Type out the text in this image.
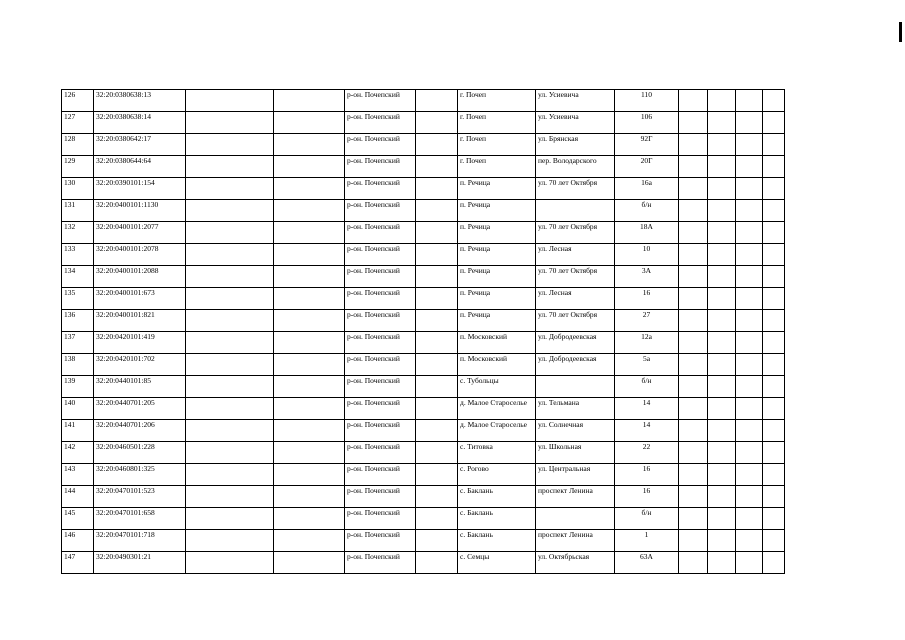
126	32:20:0380638:13			р-он. Почепский		г. Почеп	ул. Усиевича	110				
127	32:20:0380638:14			р-он. Почепский		г. Почеп	ул. Усиевича	106				
128	32:20:0380642:17			р-он. Почепский		г. Почеп	ул. Брянская	92Г				
129	32:20:0380644:64			р-он. Почепский		г. Почеп	пер. Володарского	20Г				
130	32:20:0390101:154			р-он. Почепский		п. Речица	ул. 70 лет Октября	16а				
131	32:20:0400101:1130			р-он. Почепский		п. Речица		б/н				
132	32:20:0400101:2077			р-он. Почепский		п. Речица	ул. 70 лет Октября	18А				
133	32:20:0400101:2078			р-он. Почепский		п. Речица	ул. Лесная	10				
134	32:20:0400101:2088			р-он. Почепский		п. Речица	ул. 70 лет Октября	3А				
135	32:20:0400101:673			р-он. Почепский		п. Речица	ул. Лесная	16				
136	32:20:0400101:821			р-он. Почепский		п. Речица	ул. 70 лет Октября	27				
137	32:20:0420101:419			р-он. Почепский		п. Московский	ул. Добродеевская	12а				
138	32:20:0420101:702			р-он. Почепский		п. Московский	ул. Добродеевская	5а				
139	32:20:0440101:85			р-он. Почепский		с. Тубольцы		б/н				
140	32:20:0440701:205			р-он. Почепский		д. Малое Староселье	ул. Тельмана	14				
141	32:20:0440701:206			р-он. Почепский		д. Малое Староселье	ул. Солнечная	14				
142	32:20:0460501:228			р-он. Почепский		с. Титовка	ул. Школьная	22				
143	32:20:0460801:325			р-он. Почепский		с. Рогово	ул. Центральная	16				
144	32:20:0470101:523			р-он. Почепский		с. Баклань	проспект Ленина	16				
145	32:20:0470101:658			р-он. Почепский		с. Баклань		б/н				
146	32:20:0470101:718			р-он. Почепский		с. Баклань	проспект Ленина	1				
147	32:20:0490301:21			р-он. Почепский		с. Семцы	ул. Октябрьская	63А				
